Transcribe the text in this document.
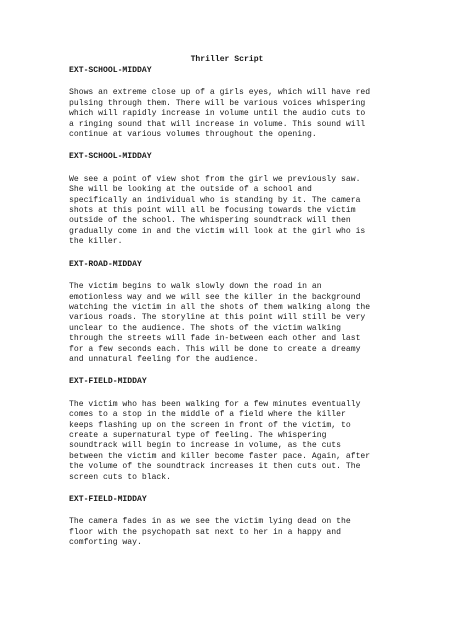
Thriller Script

EXT-SCHOOL-MIDDAY

Shows an extreme close up of a girls eyes, which will have red
pulsing through them. There will be various voices whispering
which will rapidly increase in volume until the audio cuts to
a ringing sound that will increase in volume. This sound will
continue at various volumes throughout the opening.

EXT-SCHOOL-MIDDAY

We see a point of view shot from the girl we previously saw.
She will be looking at the outside of a school and
specifically an individual who is standing by it. The camera
shots at this point will all be focusing towards the victim
outside of the school. The whispering soundtrack will then
gradually come in and the victim will look at the girl who is
the killer.

EXT-ROAD-MIDDAY

The victim begins to walk slowly down the road in an
emotionless way and we will see the killer in the background
watching the victim in all the shots of them walking along the
various roads. The storyline at this point will still be very
unclear to the audience. The shots of the victim walking
through the streets will fade in-between each other and last
for a few seconds each. This will be done to create a dreamy
and unnatural feeling for the audience.

EXT-FIELD-MIDDAY

The victim who has been walking for a few minutes eventually
comes to a stop in the middle of a field where the killer
keeps flashing up on the screen in front of the victim, to
create a supernatural type of feeling. The whispering
soundtrack will begin to increase in volume, as the cuts
between the victim and killer become faster pace. Again, after
the volume of the soundtrack increases it then cuts out. The
screen cuts to black.

EXT-FIELD-MIDDAY

The camera fades in as we see the victim lying dead on the
floor with the psychopath sat next to her in a happy and
comforting way.
